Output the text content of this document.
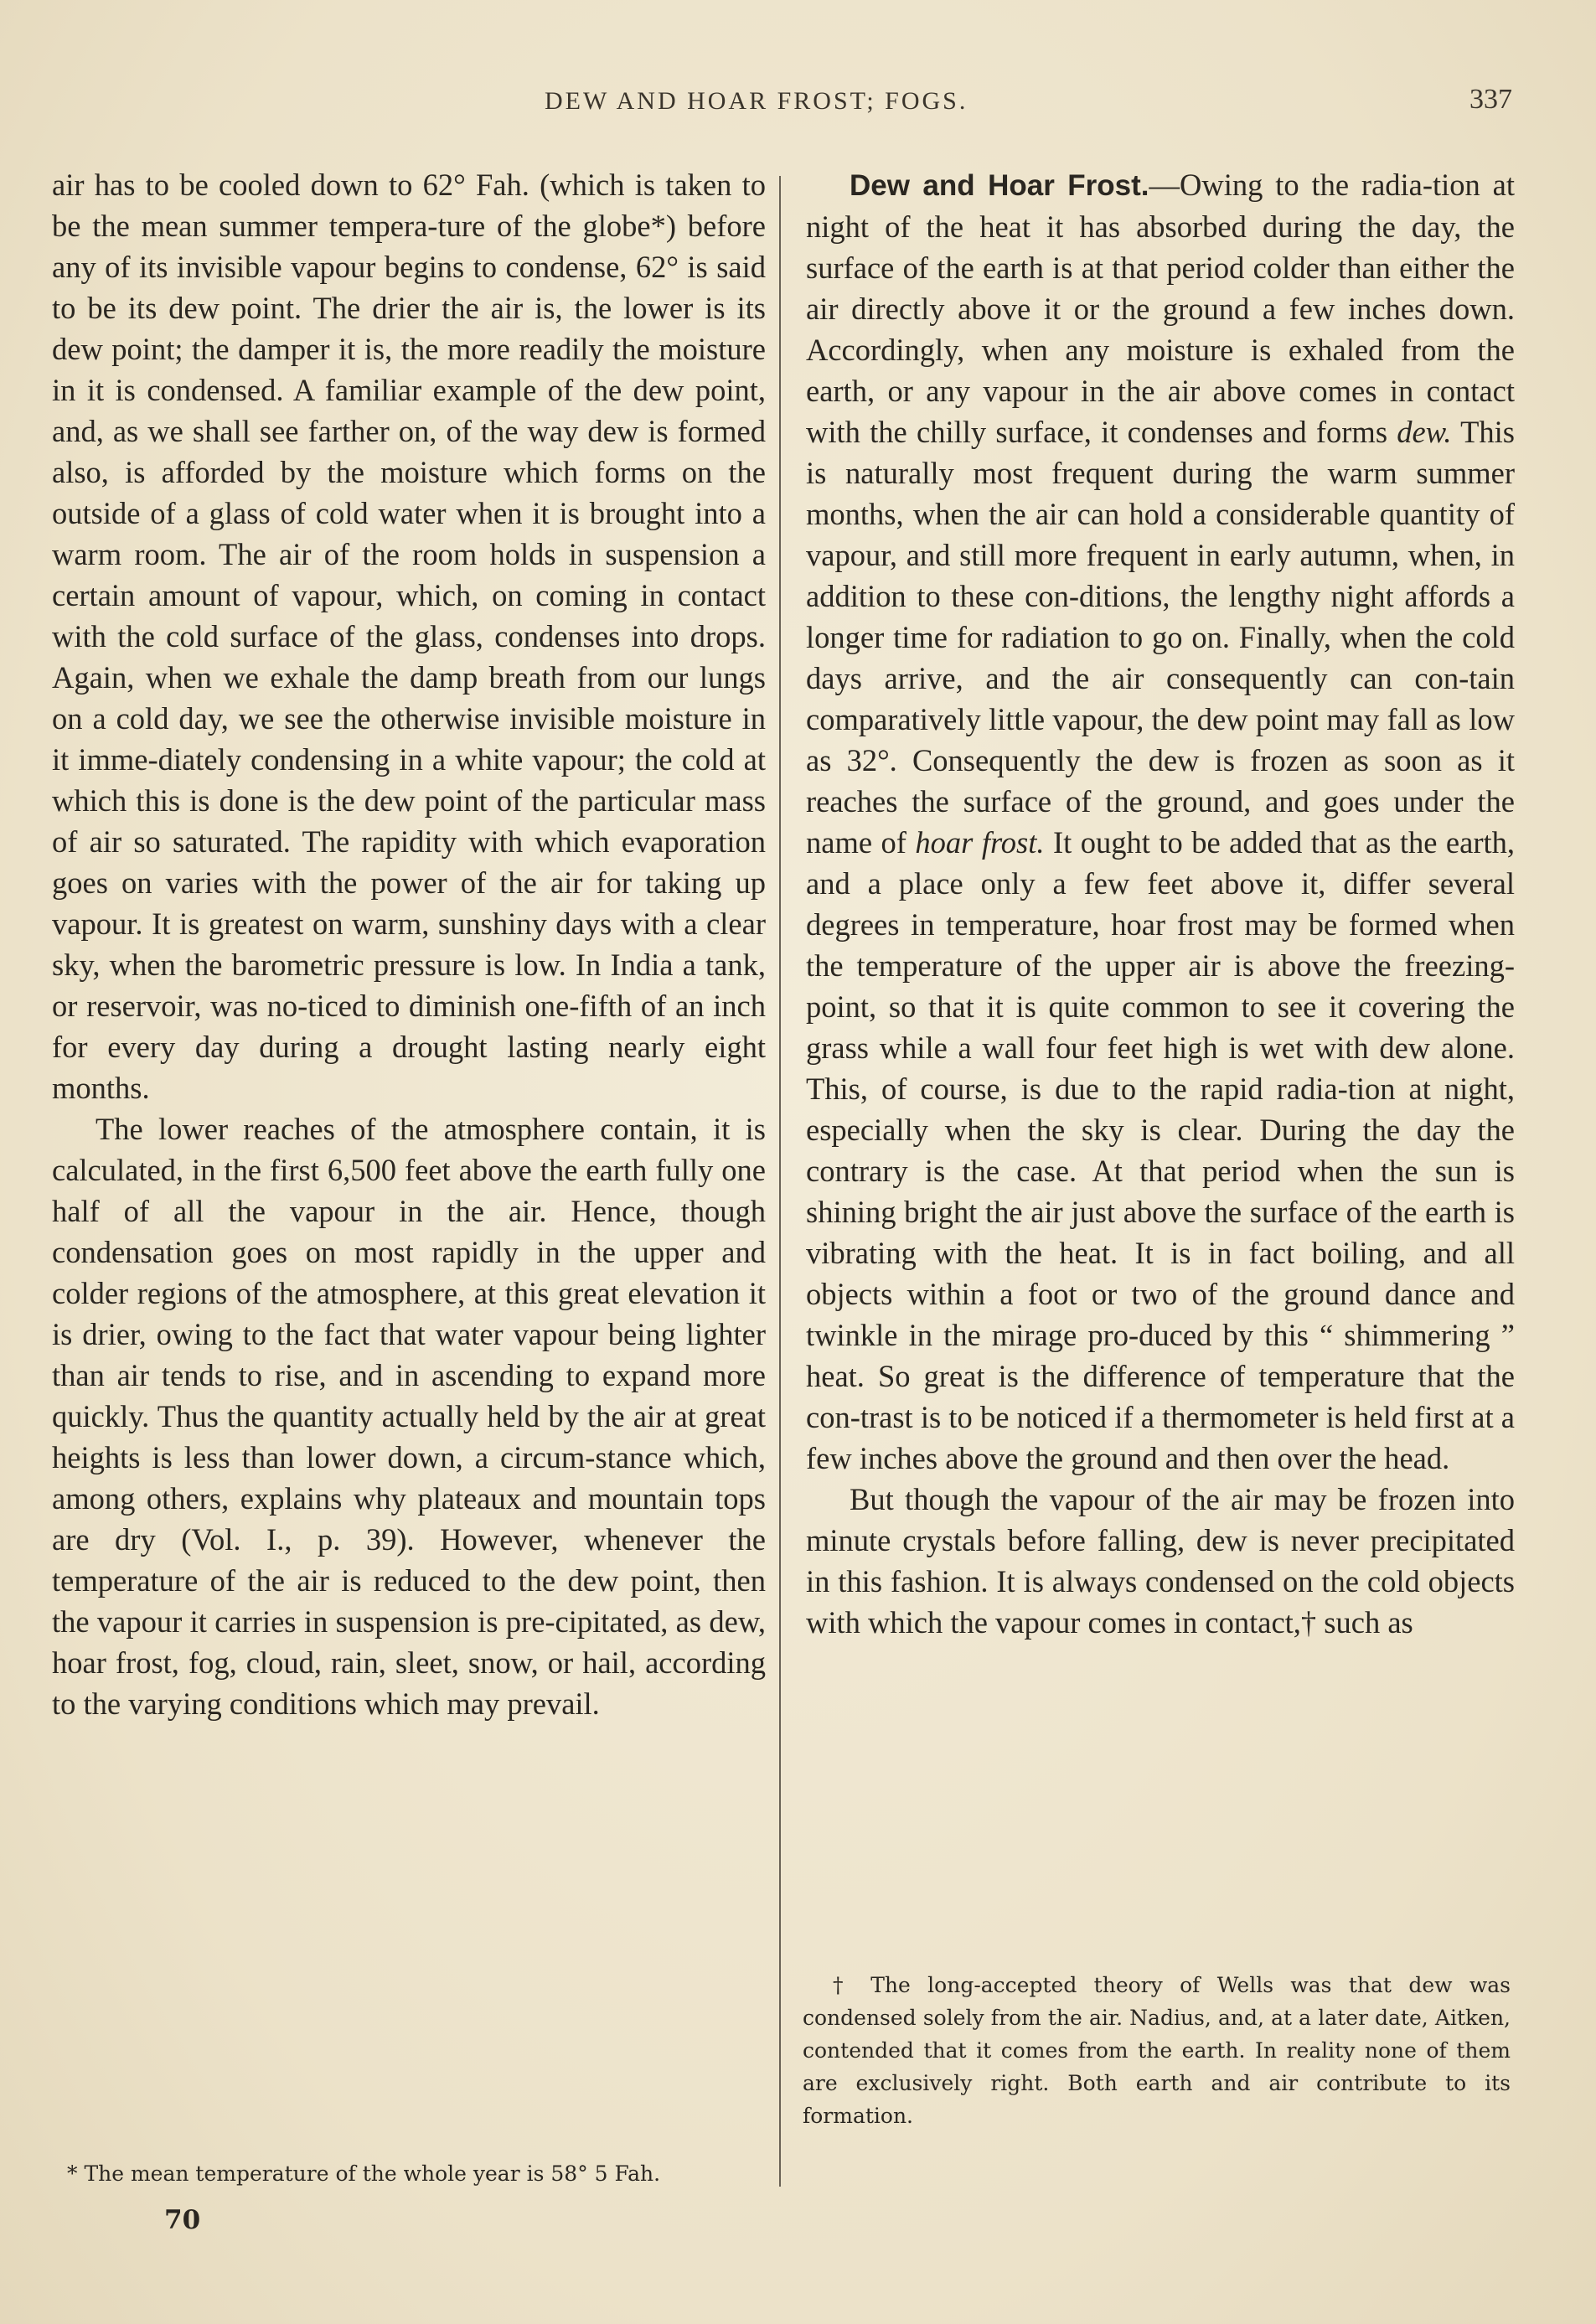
DEW AND HOAR FROST; FOGS.	337

air has to be cooled down to 62° Fah. (which is taken to be the mean summer tempera-ture of the globe*) before any of its invisible vapour begins to condense, 62° is said to be its dew point. The drier the air is, the lower is its dew point; the damper it is, the more readily the moisture in it is condensed. A familiar example of the dew point, and, as we shall see farther on, of the way dew is formed also, is afforded by the moisture which forms on the outside of a glass of cold water when it is brought into a warm room. The air of the room holds in suspension a certain amount of vapour, which, on coming in contact with the cold surface of the glass, condenses into drops. Again, when we exhale the damp breath from our lungs on a cold day, we see the otherwise invisible moisture in it imme-diately condensing in a white vapour; the cold at which this is done is the dew point of the particular mass of air so saturated. The rapidity with which evaporation goes on varies with the power of the air for taking up vapour. It is greatest on warm, sunshiny days with a clear sky, when the barometric pressure is low. In India a tank, or reservoir, was no-ticed to diminish one-fifth of an inch for every day during a drought lasting nearly eight months.

The lower reaches of the atmosphere contain, it is calculated, in the first 6,500 feet above the earth fully one half of all the vapour in the air. Hence, though condensation goes on most rapidly in the upper and colder regions of the atmosphere, at this great elevation it is drier, owing to the fact that water vapour being lighter than air tends to rise, and in ascending to expand more quickly. Thus the quantity actually held by the air at great heights is less than lower down, a circum-stance which, among others, explains why plateaux and mountain tops are dry (Vol. I., p. 39). However, whenever the temperature of the air is reduced to the dew point, then the vapour it carries in suspension is pre-cipitated, as dew, hoar frost, fog, cloud, rain, sleet, snow, or hail, according to the varying conditions which may prevail.

Dew and Hoar Frost.—Owing to the radia-tion at night of the heat it has absorbed during the day, the surface of the earth is at that period colder than either the air directly above it or the ground a few inches down. Accordingly, when any moisture is exhaled from the earth, or any vapour in the air above comes in contact with the chilly surface, it condenses and forms dew. This is naturally most frequent during the warm summer months, when the air can hold a considerable quantity of vapour, and still more frequent in early autumn, when, in addition to these con-ditions, the lengthy night affords a longer time for radiation to go on. Finally, when the cold days arrive, and the air consequently can con-tain comparatively little vapour, the dew point may fall as low as 32°. Consequently the dew is frozen as soon as it reaches the surface of the ground, and goes under the name of hoar frost. It ought to be added that as the earth, and a place only a few feet above it, differ several degrees in temperature, hoar frost may be formed when the temperature of the upper air is above the freezing-point, so that it is quite common to see it covering the grass while a wall four feet high is wet with dew alone. This, of course, is due to the rapid radia-tion at night, especially when the sky is clear. During the day the contrary is the case. At that period when the sun is shining bright the air just above the surface of the earth is vibrating with the heat. It is in fact boiling, and all objects within a foot or two of the ground dance and twinkle in the mirage pro-duced by this “ shimmering ” heat. So great is the difference of temperature that the con-trast is to be noticed if a thermometer is held first at a few inches above the ground and then over the head.

But though the vapour of the air may be frozen into minute crystals before falling, dew is never precipitated in this fashion. It is always condensed on the cold objects with which the vapour comes in contact,† such as

* The mean temperature of the whole year is 58° 5 Fah.
70
† The long-accepted theory of Wells was that dew was condensed solely from the air. Nadius, and, at a later date, Aitken, contended that it comes from the earth. In reality none of them are exclusively right. Both earth and air contribute to its formation.
